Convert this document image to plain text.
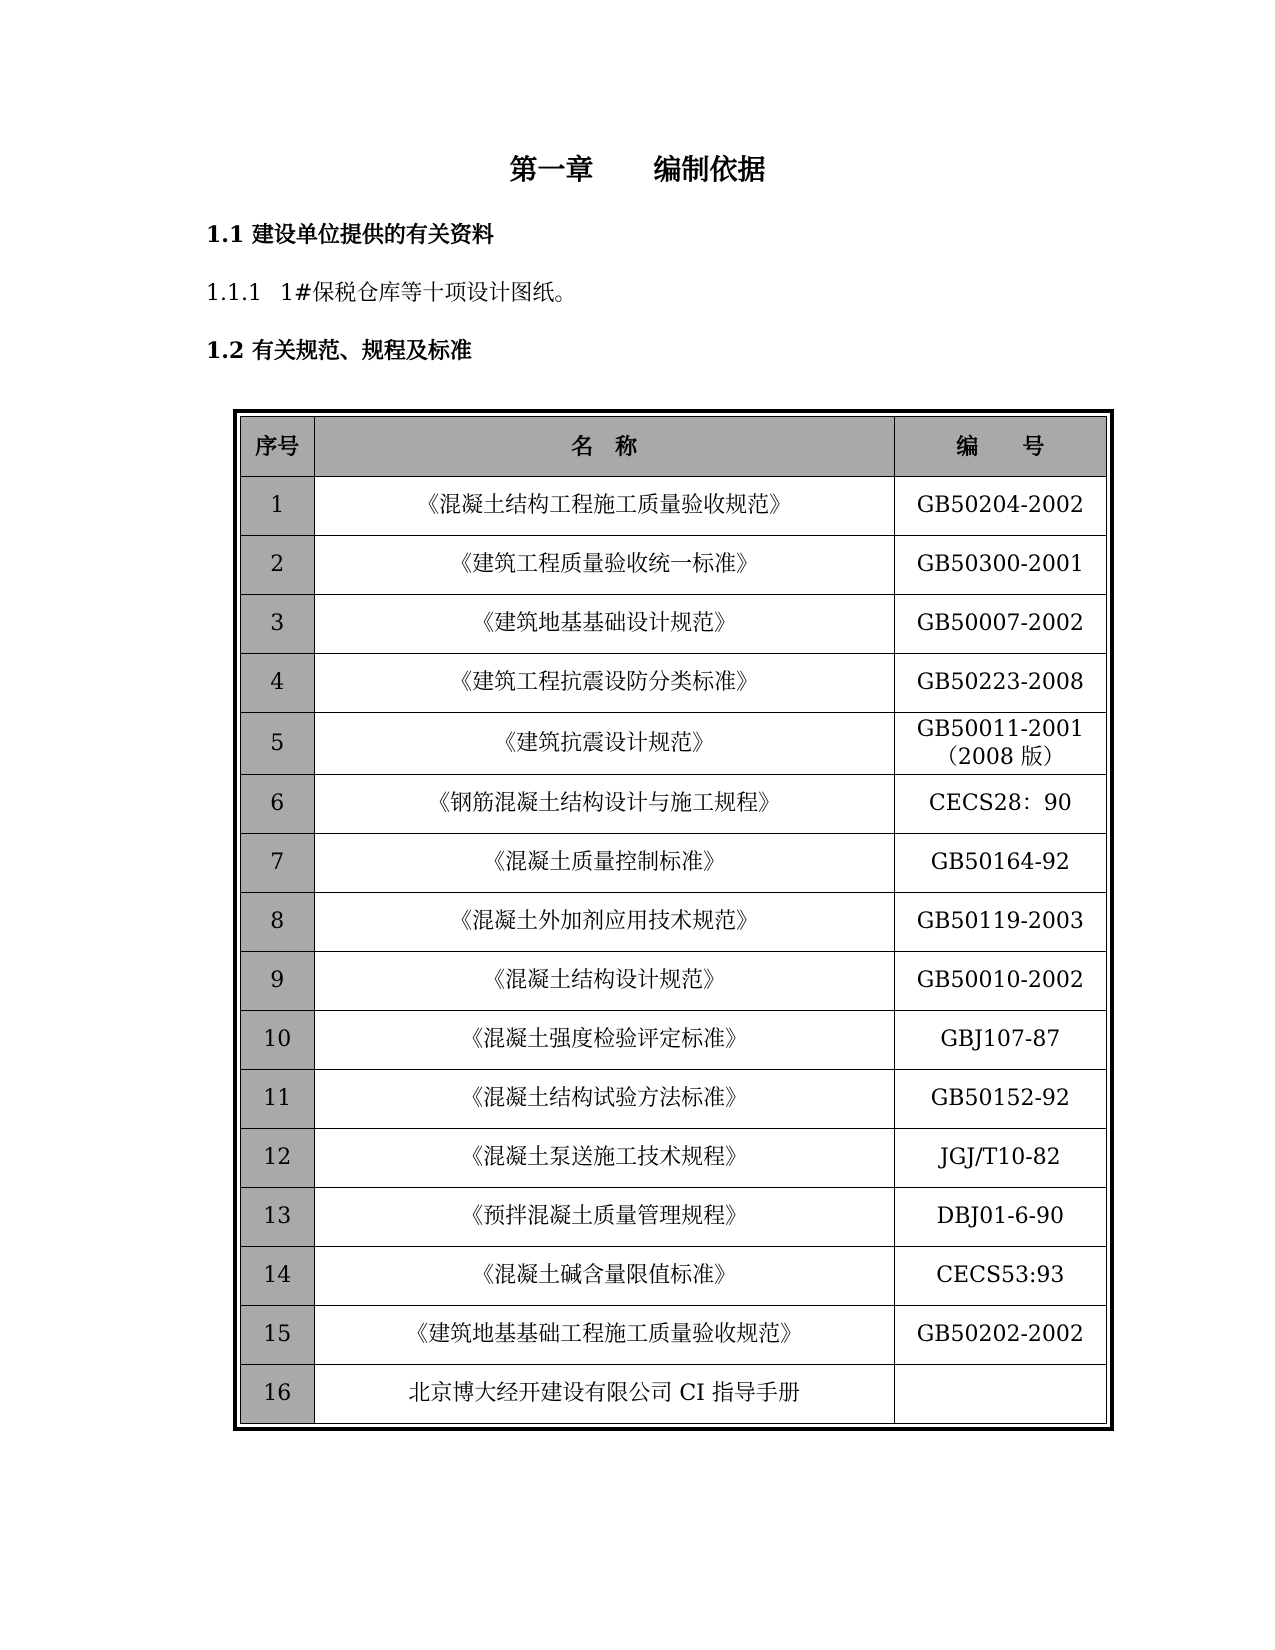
第一章 编制依据
1.1 建设单位提供的有关资料
1.1.1 1#保税仓库等十项设计图纸。
1.2 有关规范、规程及标准
序号	名　称	编　　号
1	《混凝土结构工程施工质量验收规范》	GB50204-2002
2	《建筑工程质量验收统一标准》	GB50300-2001
3	《建筑地基基础设计规范》	GB50007-2002
4	《建筑工程抗震设防分类标准》	GB50223-2008
5	《建筑抗震设计规范》	GB50011-2001
（2008 版）

6	《钢筋混凝土结构设计与施工规程》	CECS28：90
7	《混凝土质量控制标准》	GB50164-92
8	《混凝土外加剂应用技术规范》	GB50119-2003
9	《混凝土结构设计规范》	GB50010-2002
10	《混凝土强度检验评定标准》	GBJ107-87
11	《混凝土结构试验方法标准》	GB50152-92
12	《混凝土泵送施工技术规程》	JGJ/T10-82
13	《预拌混凝土质量管理规程》	DBJ01-6-90
14	《混凝土碱含量限值标准》	CECS53:93
15	《建筑地基基础工程施工质量验收规范》	GB50202-2002
16	北京博大经开建设有限公司 CI 指导手册	
